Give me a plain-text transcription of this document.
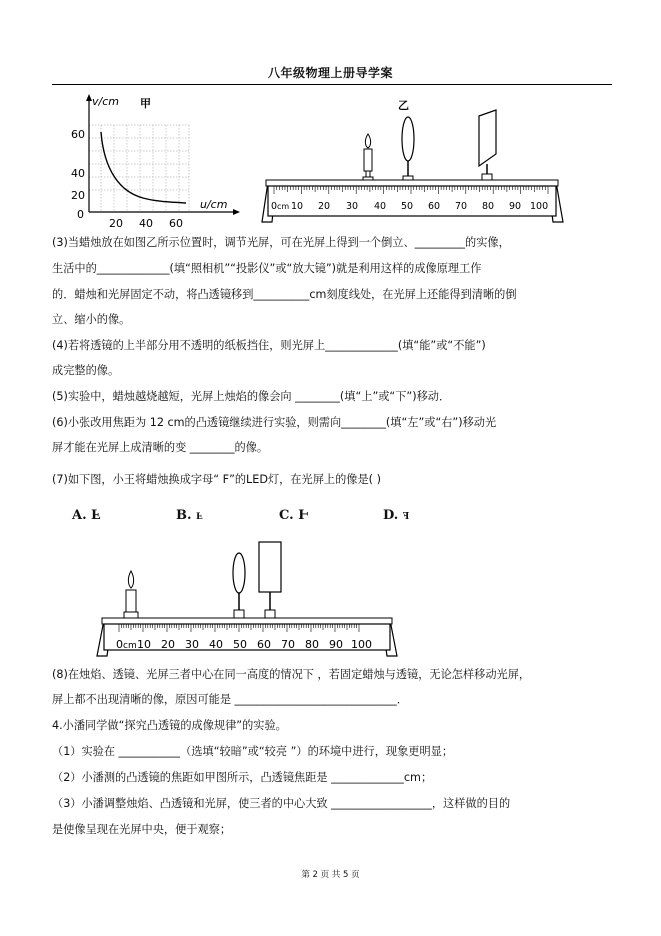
八年级物理上册导学案
v/cm 甲
60
40
20
0
20 40 60
u/cm
乙
0 cm 10 20 30 40 50 60 70 80 90 100
(3)当蜡烛放在如图乙所示位置时，调节光屏，可在光屏上得到一个倒立、_________的实像，
生活中的_____________(填“照相机”“投影仪”或“放大镜”)就是利用这样的成像原理工作
的．蜡烛和光屏固定不动，将凸透镜移到__________cm刻度线处，在光屏上还能得到清晰的倒
立、缩小的像。
(4)若将透镜的上半部分用不透明的纸板挡住，则光屏上_____________(填“能”或“不能”)
成完整的像。
(5)实验中，蜡烛越烧越短，光屏上烛焰的像会向 ________(填“上”或“下”)移动．
(6)小张改用焦距为 12 cm的凸透镜继续进行实验，则需向________(填“左”或“右”)移动光
屏才能在光屏上成清晰的变 ________的像。
(7)如下图，小王将蜡烛换成字母“ F”的LED灯，在光屏上的像是( )
A. Ⅎ	B. Ⅎ	C. Ⱶ	D. ꟻ
0 cm 10 20 30 40 50 60 70 80 90 100
(8)在烛焰、透镜、光屏三者中心在同一高度的情况下 ，若固定蜡烛与透镜，无论怎样移动光屏，
屏上都不出现清晰的像，原因可能是 _____________________________．
4.小潘同学做“探究凸透镜的成像规律”的实验。
（1）实验在 ___________（选填“较暗”或“较亮 ”）的环境中进行，现象更明显；
（2）小潘测的凸透镜的焦距如甲图所示，凸透镜焦距是 _____________cm；
（3）小潘调整烛焰、凸透镜和光屏，使三者的中心大致 __________________，这样做的目的
是使像呈现在光屏中央，便于观察；
第 2 页 共 5 页
